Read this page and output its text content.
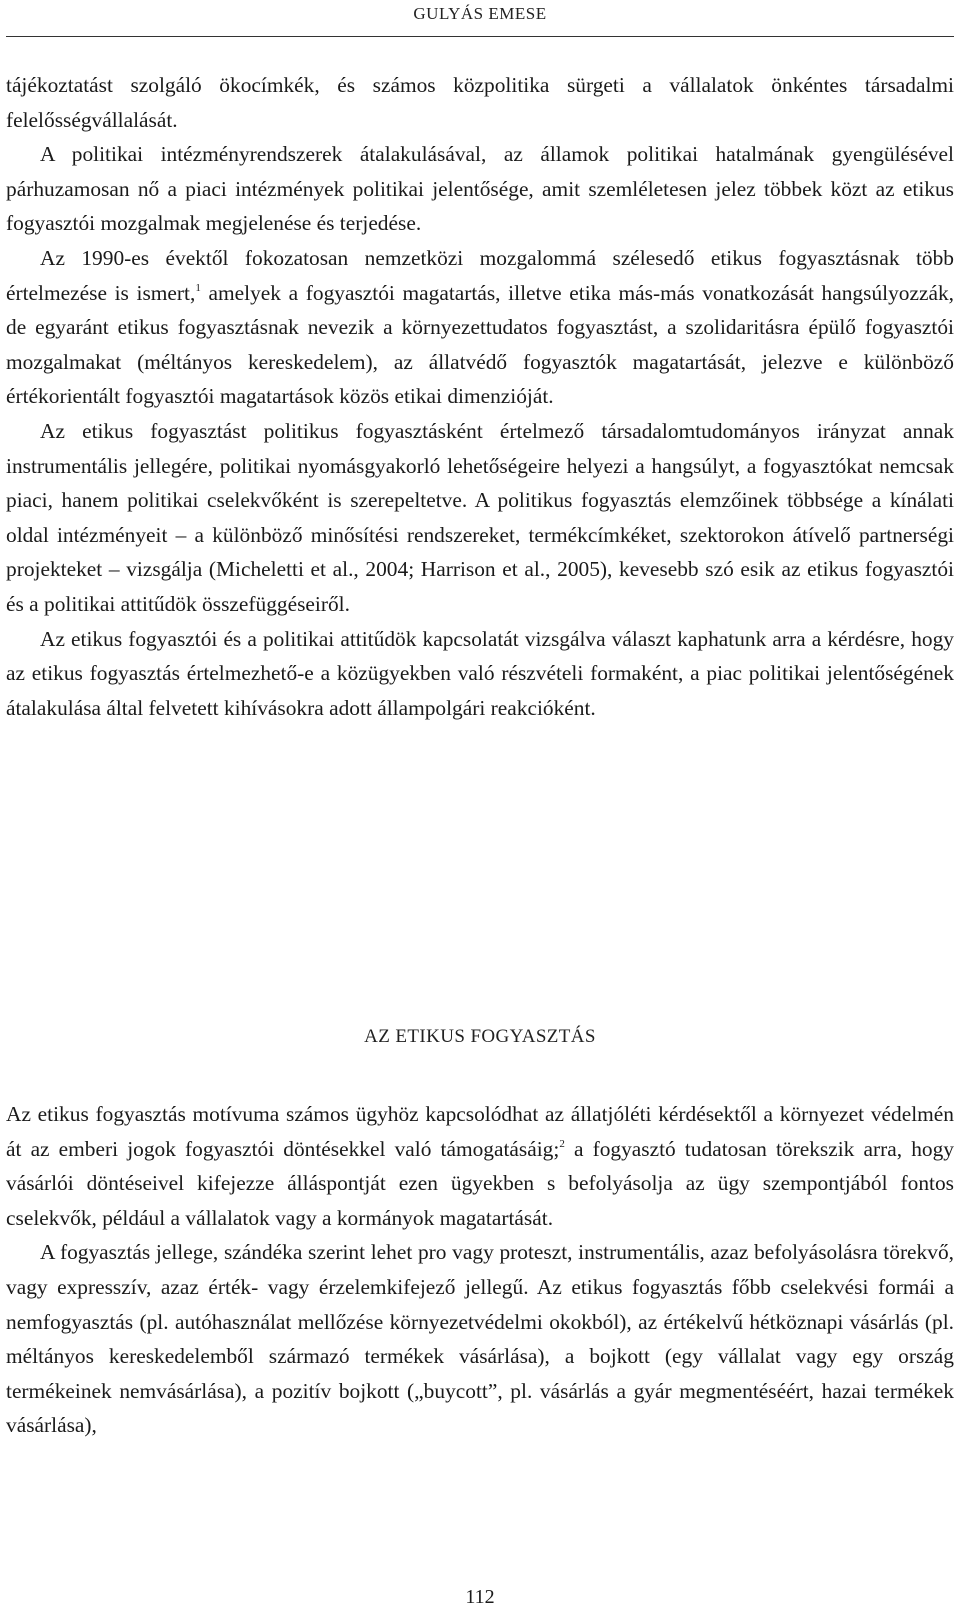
GULYÁS EMESE

tájékoztatást szolgáló ökocímkék, és számos közpolitika sürgeti a vállalatok önkéntes társadalmi felelősségvállalását.

A politikai intézményrendszerek átalakulásával, az államok politikai hatalmának gyengülésével párhuzamosan nő a piaci intézmények politikai jelentősége, amit szemléletesen jelez többek közt az etikus fogyasztói mozgalmak megjelenése és terjedése.

Az 1990-es évektől fokozatosan nemzetközi mozgalommá szélesedő etikus fogyasztásnak több értelmezése is ismert,$^1$ amelyek a fogyasztói magatartás, illetve etika más-más vonatkozását hangsúlyozzák, de egyaránt etikus fogyasztásnak nevezik a környezettudatos fogyasztást, a szolidaritásra épülő fogyasztói mozgalmakat (méltányos kereskedelem), az állatvédő fogyasztók magatartását, jelezve e különböző értékorientált fogyasztói magatartások közös etikai dimenzióját.

Az etikus fogyasztást politikus fogyasztásként értelmező társadalomtudományos irányzat annak instrumentális jellegére, politikai nyomásgyakorló lehetőségeire helyezi a hangsúlyt, a fogyasztókat nemcsak piaci, hanem politikai cselekvőként is szerepeltetve. A politikus fogyasztás elemzőinek többsége a kínálati oldal intézményeit – a különböző minősítési rendszereket, termékcímkéket, szektorokon átívelő partnerségi projekteket – vizsgálja (Micheletti et al., 2004; Harrison et al., 2005), kevesebb szó esik az etikus fogyasztói és a politikai attitűdök összefüggéseiről.

Az etikus fogyasztói és a politikai attitűdök kapcsolatát vizsgálva választ kaphatunk arra a kérdésre, hogy az etikus fogyasztás értelmezhető-e a közügyekben való részvételi formaként, a piac politikai jelentőségének átalakulása által felvetett kihívásokra adott állampolgári reakcióként.

AZ ETIKUS FOGYASZTÁS

Az etikus fogyasztás motívuma számos ügyhöz kapcsolódhat az állatjóléti kérdésektől a környezet védelmén át az emberi jogok fogyasztói döntésekkel való támogatásáig;$^2$ a fogyasztó tudatosan törekszik arra, hogy vásárlói döntéseivel kifejezze álláspontját ezen ügyekben s befolyásolja az ügy szempontjából fontos cselekvők, például a vállalatok vagy a kormányok magatartását.

A fogyasztás jellege, szándéka szerint lehet pro vagy proteszt, instrumentális, azaz befolyásolásra törekvő, vagy expresszív, azaz érték- vagy érzelemkifejező jellegű. Az etikus fogyasztás főbb cselekvési formái a nemfogyasztás (pl. autóhasználat mellőzése környezetvédelmi okokból), az értékelvű hétköznapi vásárlás (pl. méltányos kereskedelemből származó termékek vásárlása), a bojkott (egy vállalat vagy egy ország termékeinek nemvásárlása), a pozitív bojkott („buycott”, pl. vásárlás a gyár megmentéséért, hazai termékek vásárlása),

112
